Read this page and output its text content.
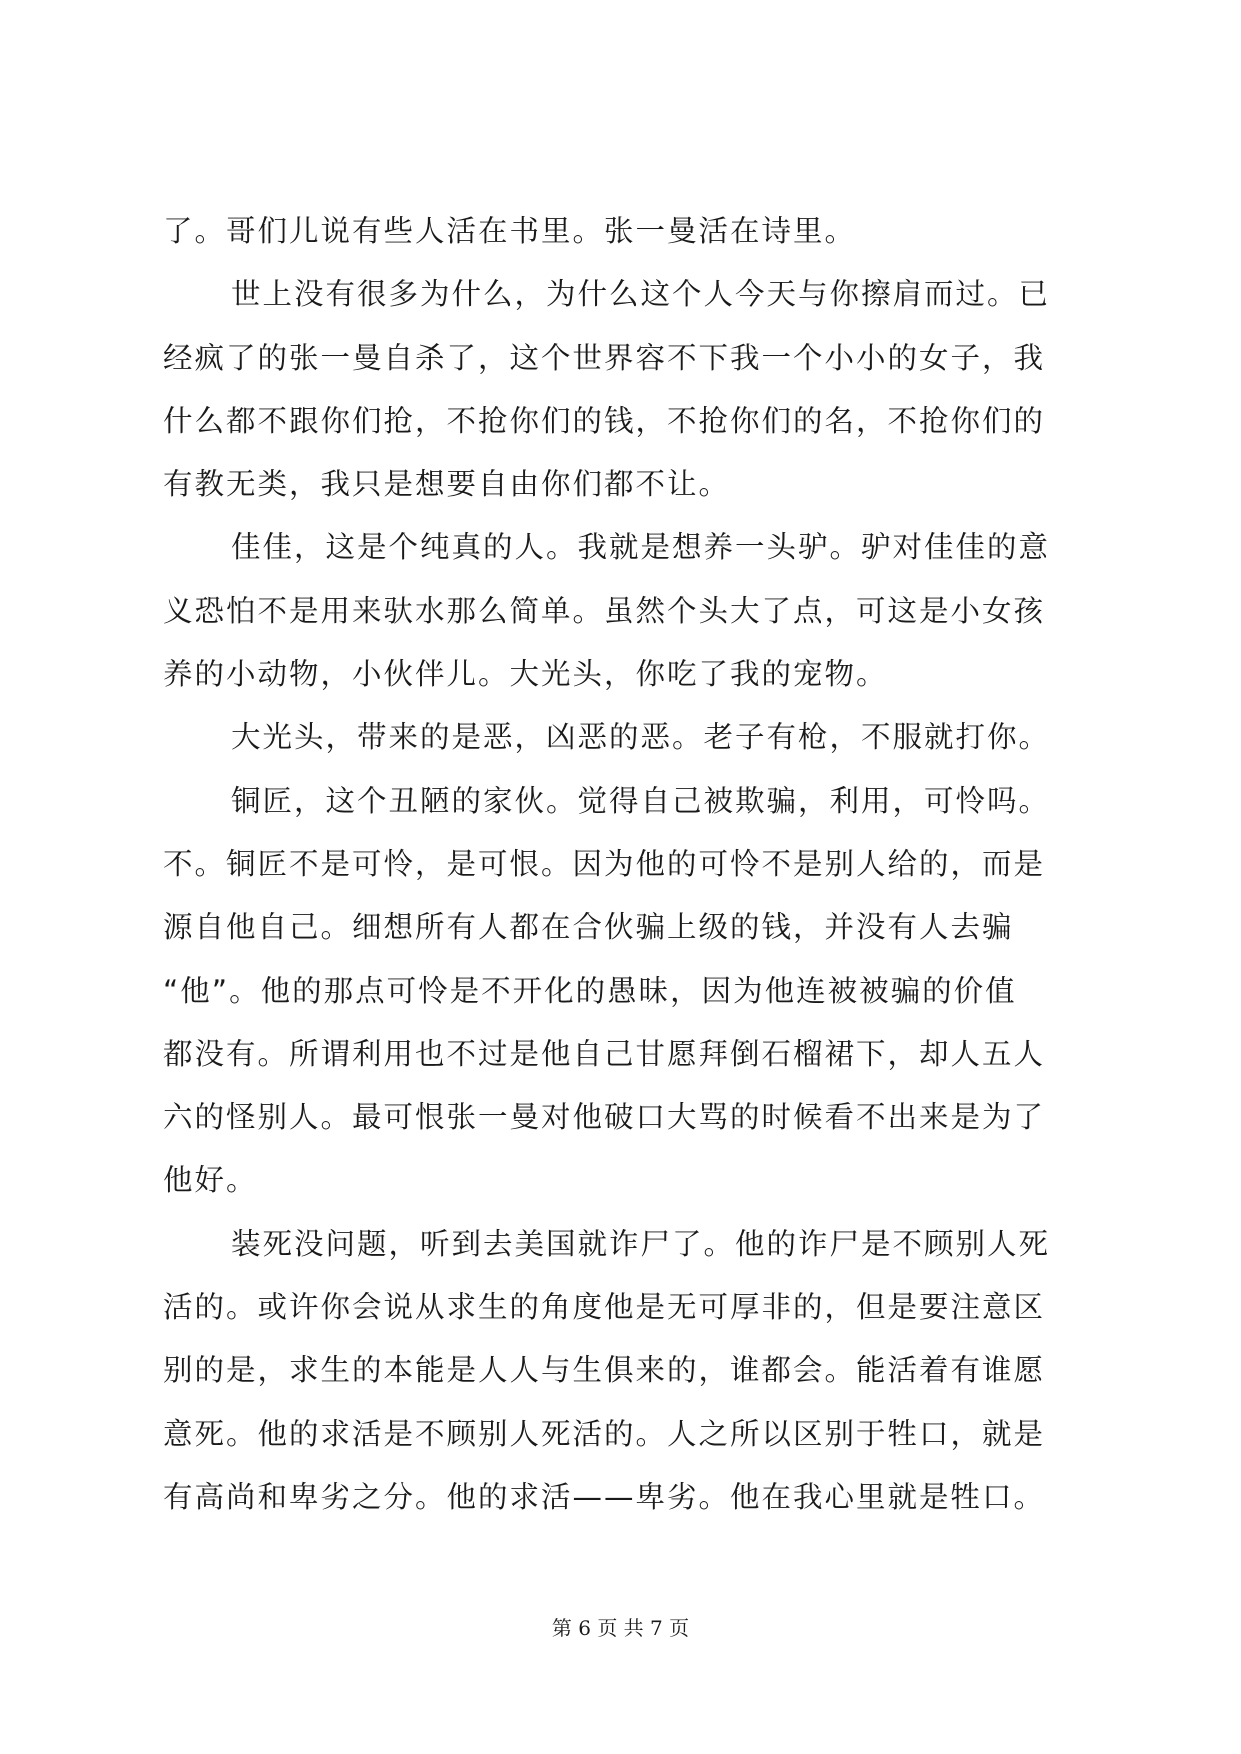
了。哥们儿说有些人活在书里。张一曼活在诗里。
世上没有很多为什么，为什么这个人今天与你擦肩而过。已
经疯了的张一曼自杀了，这个世界容不下我一个小小的女子，我
什么都不跟你们抢，不抢你们的钱，不抢你们的名，不抢你们的
有教无类，我只是想要自由你们都不让。
佳佳，这是个纯真的人。我就是想养一头驴。驴对佳佳的意
义恐怕不是用来驮水那么简单。虽然个头大了点，可这是小女孩
养的小动物，小伙伴儿。大光头，你吃了我的宠物。
大光头，带来的是恶，凶恶的恶。老子有枪，不服就打你。
铜匠，这个丑陋的家伙。觉得自己被欺骗，利用，可怜吗。
不。铜匠不是可怜，是可恨。因为他的可怜不是别人给的，而是
源自他自己。细想所有人都在合伙骗上级的钱，并没有人去骗
“他”。他的那点可怜是不开化的愚昧，因为他连被被骗的价值
都没有。所谓利用也不过是他自己甘愿拜倒石榴裙下，却人五人
六的怪别人。最可恨张一曼对他破口大骂的时候看不出来是为了
他好。
装死没问题，听到去美国就诈尸了。他的诈尸是不顾别人死
活的。或许你会说从求生的角度他是无可厚非的，但是要注意区
别的是，求生的本能是人人与生俱来的，谁都会。能活着有谁愿
意死。他的求活是不顾别人死活的。人之所以区别于牲口，就是
有高尚和卑劣之分。他的求活——卑劣。他在我心里就是牲口。
第 6 页 共 7 页
